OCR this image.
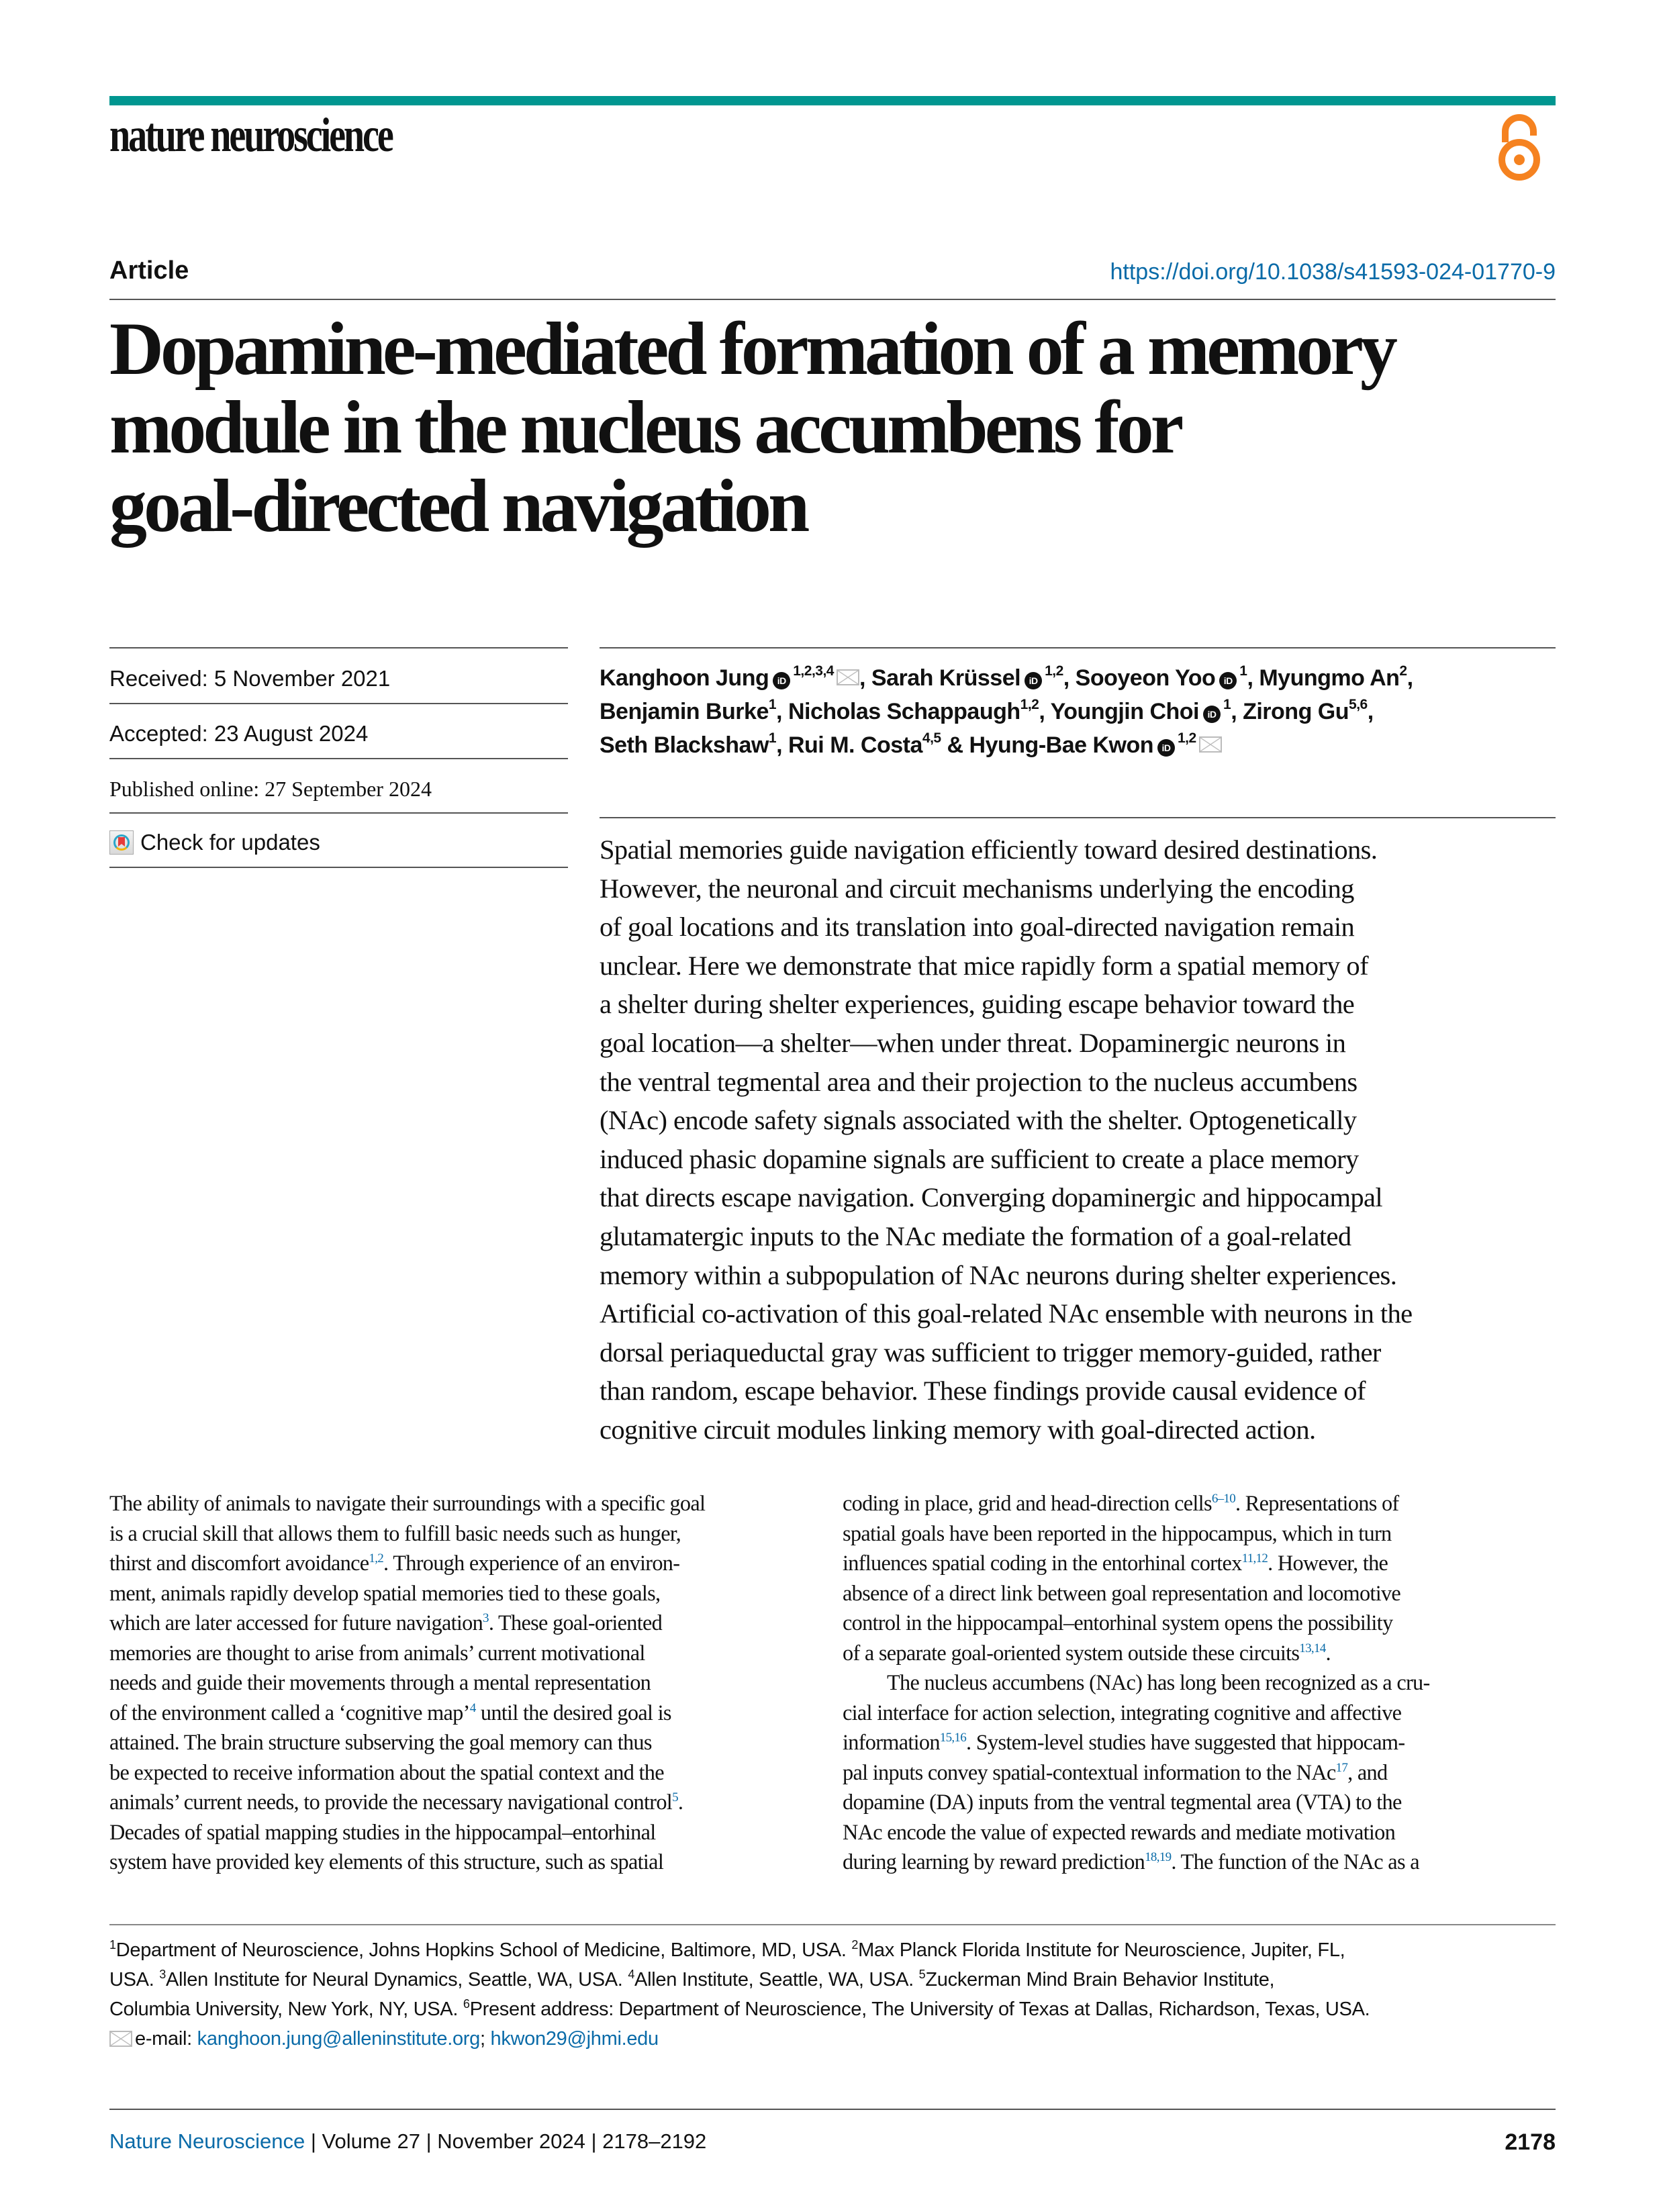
nature neuroscience
Article	https://doi.org/10.1038/s41593-024-01770-9
Dopamine-mediated formation of a memory
module in the nucleus accumbens for
goal-directed navigation
Received: 5 November 2021
Accepted: 23 August 2024
Published online: 27 September 2024
Check for updates
Kanghoon Jung iD$^{1,2,3,4}$ , Sarah Krüssel iD$^{1,2}$, Sooyeon Yoo $iD^1$, Myungmo An$^2$,
Benjamin Burke$^1$, Nicholas Schappaugh$^{1,2}$, Youngjin Choi $iD^1$, Zirong Gu$^{5,6}$,
Seth Blackshaw$^1$, Rui M. Costa$^{4,5}$ & Hyung-Bae Kwon iD$^{1,2}$
Spatial memories guide navigation efficiently toward desired destinations.
However, the neuronal and circuit mechanisms underlying the encoding
of goal locations and its translation into goal-directed navigation remain
unclear. Here we demonstrate that mice rapidly form a spatial memory of
a shelter during shelter experiences, guiding escape behavior toward the
goal location—a shelter—when under threat. Dopaminergic neurons in
the ventral tegmental area and their projection to the nucleus accumbens
(NAc) encode safety signals associated with the shelter. Optogenetically
induced phasic dopamine signals are sufficient to create a place memory
that directs escape navigation. Converging dopaminergic and hippocampal
glutamatergic inputs to the NAc mediate the formation of a goal-related
memory within a subpopulation of NAc neurons during shelter experiences.
Artificial co-activation of this goal-related NAc ensemble with neurons in the
dorsal periaqueductal gray was sufficient to trigger memory-guided, rather
than random, escape behavior. These findings provide causal evidence of
cognitive circuit modules linking memory with goal-directed action.
The ability of animals to navigate their surroundings with a specific goal
is a crucial skill that allows them to fulfill basic needs such as hunger,
thirst and discomfort avoidance$^{1,2}$. Through experience of an environ-
ment, animals rapidly develop spatial memories tied to these goals,
which are later accessed for future navigation$^3$. These goal-oriented
memories are thought to arise from animals’ current motivational
needs and guide their movements through a mental representation
of the environment called a ‘cognitive map’$^4$ until the desired goal is
attained. The brain structure subserving the goal memory can thus
be expected to receive information about the spatial context and the
animals’ current needs, to provide the necessary navigational control$^5$.
Decades of spatial mapping studies in the hippocampal–entorhinal
system have provided key elements of this structure, such as spatial
coding in place, grid and head-direction cells$^{6-10}$. Representations of
spatial goals have been reported in the hippocampus, which in turn
influences spatial coding in the entorhinal cortex$^{11,12}$. However, the
absence of a direct link between goal representation and locomotive
control in the hippocampal–entorhinal system opens the possibility
of a separate goal-oriented system outside these circuits$^{13,14}$.
The nucleus accumbens (NAc) has long been recognized as a cru-
cial interface for action selection, integrating cognitive and affective
information$^{15,16}$. System-level studies have suggested that hippocam-
pal inputs convey spatial-contextual information to the NAc$^{17}$, and
dopamine (DA) inputs from the ventral tegmental area (VTA) to the
NAc encode the value of expected rewards and mediate motivation
during learning by reward prediction$^{18,19}$. The function of the NAc as a
$^1$Department of Neuroscience, Johns Hopkins School of Medicine, Baltimore, MD, USA. $^2$Max Planck Florida Institute for Neuroscience, Jupiter, FL,
USA. $^3$Allen Institute for Neural Dynamics, Seattle, WA, USA. $^4$Allen Institute, Seattle, WA, USA. $^5$Zuckerman Mind Brain Behavior Institute,
Columbia University, New York, NY, USA. $^6$Present address: Department of Neuroscience, The University of Texas at Dallas, Richardson, Texas, USA.
e-mail: kanghoon.jung@alleninstitute.org; hkwon29@jhmi.edu
Nature Neuroscience | Volume 27 | November 2024 | 2178–2192	2178
